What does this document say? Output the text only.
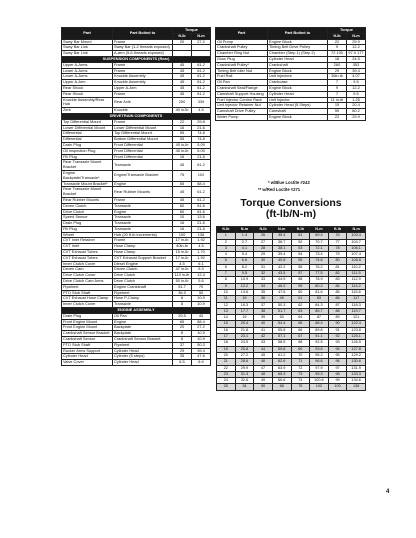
Part	Part Bolted to	Torque	
		ft-lb	N-m
Sway Bar Mount	Frame	20	27.2
Sway Bar Link	Sway Bar (1-2 threads exposed)		
Sway Bar Link	A-arm (5-6 threads exposed)		
SUSPENSION COMPONENTS (Rear)			
Upper A-Arms	Frame	45	61.2
Lower A-Arms	Frame	45	61.2
Lower A-Arms	Knuckle Assembly	45	61.2
Upper A-Arm	Knuckle Assembly	45	61.2
Rear Shock	Upper A-Arm	45	61.2
Rear Shock	Frame	45	61.2
Knuckle Assembly/Rear Hub	Rear Axle	250	339
Zerk	Knuckle	40 in-lb	4.5
DRIVETRAIN COMPONENTS			
Top Differential Mount	Frame	22	29.8
Lower Differential Mount	Lower Differential Mount	16	21.6
Differential	Top Differential Mount	55	74.8
Differential	Bottom Differential Mount	55	74.8
Drain Plug	Front Differential	45 in-lb	5.09
Oil Inspection Plug	Front Differential	45 in-lb	5.09
Fill Plug	Front Differential	16	21.8
Rear Transaxle Mount Bracket	Transaxle	45	61.2
Engine Backplate/Transaxle*	Engine/Transaxle Bracket	75	102
Transaxle Mount Bracket*	Engine	65	88.4
Rear Transaxle Mount Bracket	Rear Rubber Mounts	45	61.2
Rear Rubber Mounts	Frame	45	61.2
Driven Clutch	Transaxle	60	81.6
Drive Clutch	Engine	60	81.6
Speed Sensor	Transaxle	10	13.6
Drain Plug	Transaxle	16	21.8
Fill Plug	Transaxle	16	21.8
Wheel	Hub (20 ft-lb increments)	100	136
CVT Inlet Retainer	Frame	17 in-lb	1.92
CVT Inlet	Hose Clamp	40in-lb	4.5
CVT Exhaust Tubes	Hose Clamp	15 in-lb	1.70
CVT Exhaust Tubes	CVT Exhaust Support Bracket	17 in-lb	1.92
Inner Clutch Cover	Diesel Engine	4.5	6.1
Driven Cam	Driven Clutch	47 in-lb	5.3
Drive Clutch Cover	Drive Clutch	110 in-lb	12.4
Drive Clutch Cam Arms	Drive Clutch	50 in-lb	5.6
Flywheel	Engine Crankshaft	51.7	70
PTO Stub Shaft	Flywheel	36.9	50
CVT Exhaust Hose Clamp	Hose P-Clamp	8	10.9
Inner Clutch Cover	Transaxle	8	10.9
ENGINE ASSEMBLY			
Drain Plug	Oil Pan	29.5	40
Front Engine Mount	Engine	65	88.4
Front Engine Mount	Backplate	20	27.2
Crankshaft Sensor Bracket	Backplate	8	10.9
Crankshaft Sensor	Crankshaft Sensor Bracket	8	10.9
PTO Stub Shaft	Flywheel	37	50.3
Rocker Arms Support	Cylinder Head	29	39.4
Cylinder Head	Cylinder (5 steps)	35	47.6
Valve Cover	Cylinder Head	6.5	8.9
Part	Part Bolted to	Torque	
		ft-lb	N-m
Oil Pump	Engine Block	22	29.9
Crankshaft Pulley	Timing Belt Drive Pulley	9	12.2
Chamber Ring Nut	Chamber (Step 1) (Step 2)	72 130	97.9 177
Glow Plug	Cylinder Head	18	24.5
Crankshaft Pulley*	Crankshaft	260	353
Timing Belt Idler Nut	Engine Block	29	39.4
Fuel Rail	Unit Injectors	36in-lb	4.07
Oil Pan	Crankcase	7	9.5
Crankshaft Seal/Flange	Engine Block	9	12.2
Camshaft Support Housing	Cylinder Head	7	9.5
Fuel Injector Control Rack	Unit Injector	11 in-lb	1.25
Unit Injector Retainer Nut	Cylinder Head (5 Steps)	15	20.4
Camshaft Drive Pulley	Camshaft	59	80.2
Water Pump	Engine Block	22	29.9
* w/Blue Loctite #243
** w/Red Loctite #271
Torque Conversions
(ft-lb/N-m)
ft-lb	N-m	ft-lb	N-m	ft-lb	N-m	ft-lb	N-m
1	1.4	26	35.4	51	69.4	76	103.4
2	2.7	27	36.7	52	70.7	77	104.7
3	4.1	28	38.1	53	72.1	78	106.1
4	5.4	29	39.4	54	73.4	79	107.4
5	6.8	30	40.8	55	74.8	80	108.8
6	8.2	31	42.2	56	76.2	81	110.2
7	9.5	32	43.5	57	77.5	82	111.5
8	10.9	33	44.9	58	78.9	83	112.9
9	12.2	34	46.2	59	80.2	84	114.2
10	13.6	35	47.6	60	81.6	85	115.6
11	15	36	49	61	83	86	117
12	16.3	37	50.3	62	84.3	87	118.3
13	17.7	38	51.7	63	85.7	88	119.7
14	19	39	53	64	87	89	121
15	20.4	40	54.4	65	88.4	90	122.4
16	21.8	41	55.8	66	89.8	91	123.8
17	23.1	42	57.1	67	91.1	92	125.1
18	24.5	43	58.5	68	92.5	93	126.5
19	25.8	44	59.8	69	93.8	94	127.8
20	27.2	45	61.2	70	95.2	95	129.2
21	28.6	46	62.6	71	96.6	96	130.6
22	29.9	47	63.9	72	97.9	97	131.9
23	31.3	48	65.3	73	99.3	98	133.3
24	32.6	49	66.6	74	100.6	99	134.6
25	34	50	68	75	102	100	136
4
